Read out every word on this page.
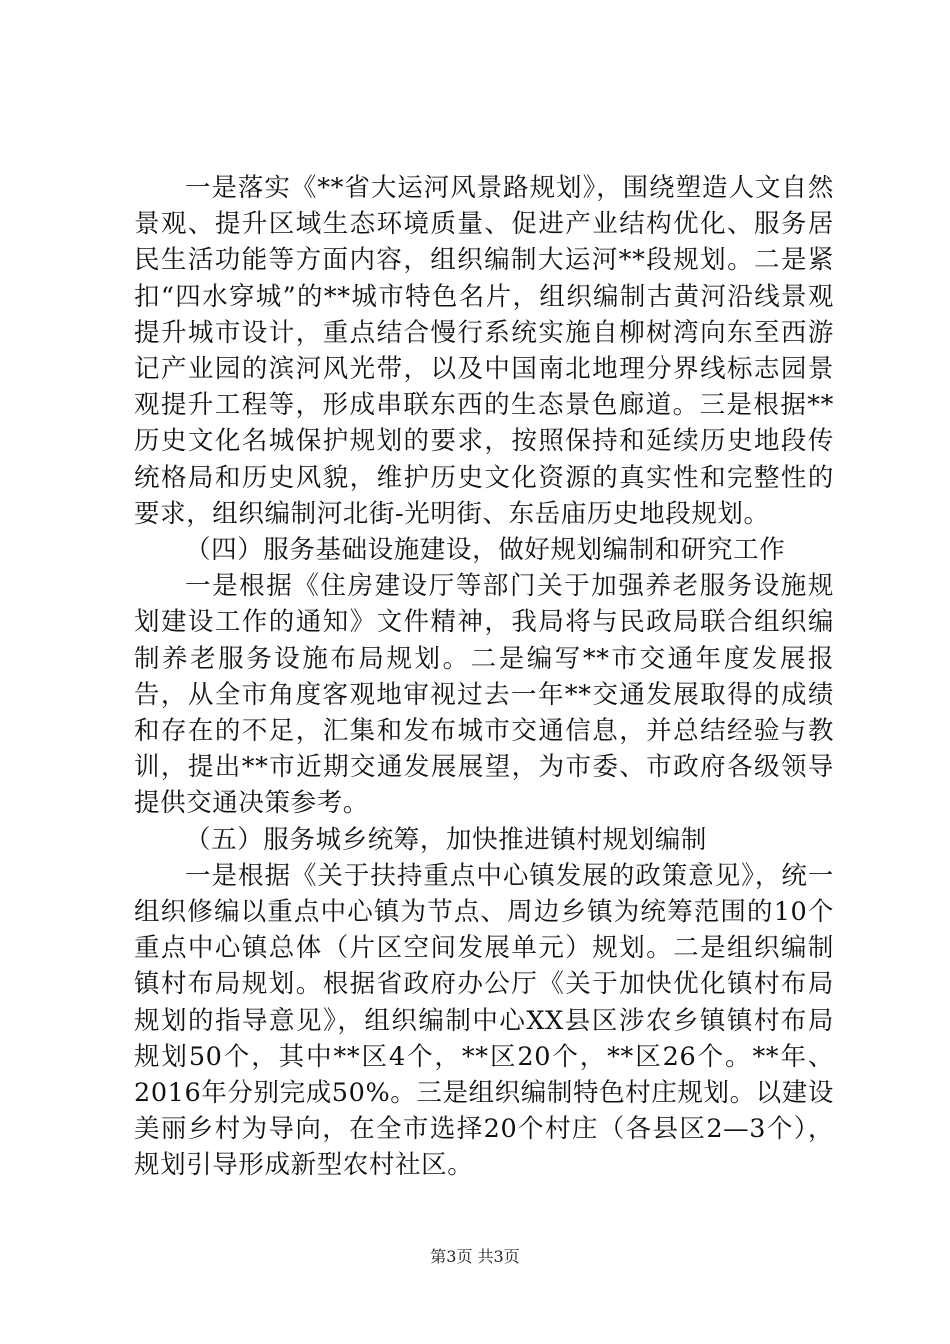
一是落实《**省大运河风景路规划》，围绕塑造人文自然景观、提升区域生态环境质量、促进产业结构优化、服务居民生活功能等方面内容，组织编制大运河**段规划。二是紧扣“四水穿城”的**城市特色名片，组织编制古黄河沿线景观提升城市设计，重点结合慢行系统实施自柳树湾向东至西游记产业园的滨河风光带，以及中国南北地理分界线标志园景观提升工程等，形成串联东西的生态景色廊道。三是根据**历史文化名城保护规划的要求，按照保持和延续历史地段传统格局和历史风貌，维护历史文化资源的真实性和完整性的要求，组织编制河北街-光明街、东岳庙历史地段规划。

（四）服务基础设施建设，做好规划编制和研究工作

一是根据《住房建设厅等部门关于加强养老服务设施规划建设工作的通知》文件精神，我局将与民政局联合组织编制养老服务设施布局规划。二是编写**市交通年度发展报告，从全市角度客观地审视过去一年**交通发展取得的成绩和存在的不足，汇集和发布城市交通信息，并总结经验与教训，提出**市近期交通发展展望，为市委、市政府各级领导提供交通决策参考。

（五）服务城乡统筹，加快推进镇村规划编制

一是根据《关于扶持重点中心镇发展的政策意见》，统一组织修编以重点中心镇为节点、周边乡镇为统筹范围的10个重点中心镇总体（片区空间发展单元）规划。二是组织编制镇村布局规划。根据省政府办公厅《关于加快优化镇村布局规划的指导意见》，组织编制中心XX县区涉农乡镇镇村布局规划50个，其中**区4个，**区20个，**区26个。**年、2016年分别完成50%。三是组织编制特色村庄规划。以建设美丽乡村为导向，在全市选择20个村庄（各县区2—3个），规划引导形成新型农村社区。

第3页 共3页
